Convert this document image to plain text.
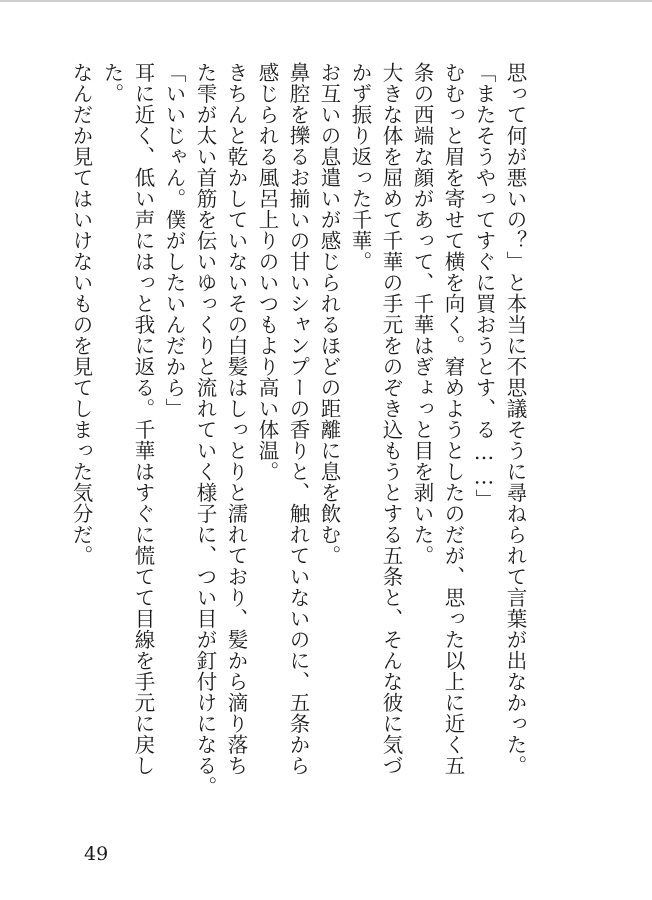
思って何が悪いの？」と本当に不思議そうに尋ねられて言葉が出なかった。
「またそうやってすぐに買おうとす、る……」
むむっと眉を寄せて横を向く。窘めようとしたのだが、思った以上に近く五
条の西端な顔があって、千華はぎょっと目を剥いた。
大きな体を屈めて千華の手元をのぞき込もうとする五条と、そんな彼に気づ
かず振り返った千華。
お互いの息遣いが感じられるほどの距離に息を飲む。
鼻腔を擽るお揃いの甘いシャンプーの香りと、触れていないのに、五条から
感じられる風呂上りのいつもより高い体温。
きちんと乾かしていないその白髪はしっとりと濡れており、髪から滴り落ち
た雫が太い首筋を伝いゆっくりと流れていく様子に、つい目が釘付けになる。
「いいじゃん。僕がしたいんだから」
耳に近く、低い声にはっと我に返る。千華はすぐに慌てて目線を手元に戻し
た。
なんだか見てはいけないものを見てしまった気分だ。
49
